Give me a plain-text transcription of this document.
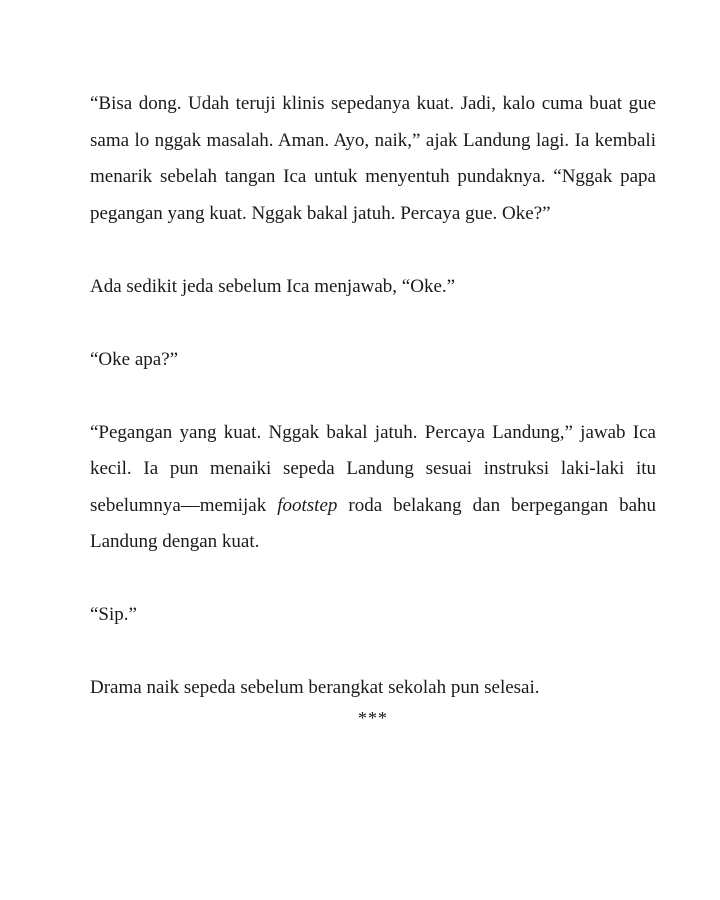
“Bisa dong. Udah teruji klinis sepedanya kuat. Jadi, kalo cuma buat gue sama lo nggak masalah. Aman. Ayo, naik,” ajak Landung lagi. Ia kembali menarik sebelah tangan Ica untuk menyentuh pundaknya. “Nggak papa pegangan yang kuat. Nggak bakal jatuh. Percaya gue. Oke?”

Ada sedikit jeda sebelum Ica menjawab, “Oke.”

“Oke apa?”

“Pegangan yang kuat. Nggak bakal jatuh. Percaya Landung,” jawab Ica kecil. Ia pun menaiki sepeda Landung sesuai instruksi laki-laki itu sebelumnya—memijak footstep roda belakang dan berpegangan bahu Landung dengan kuat.

“Sip.”

Drama naik sepeda sebelum berangkat sekolah pun selesai.

***
